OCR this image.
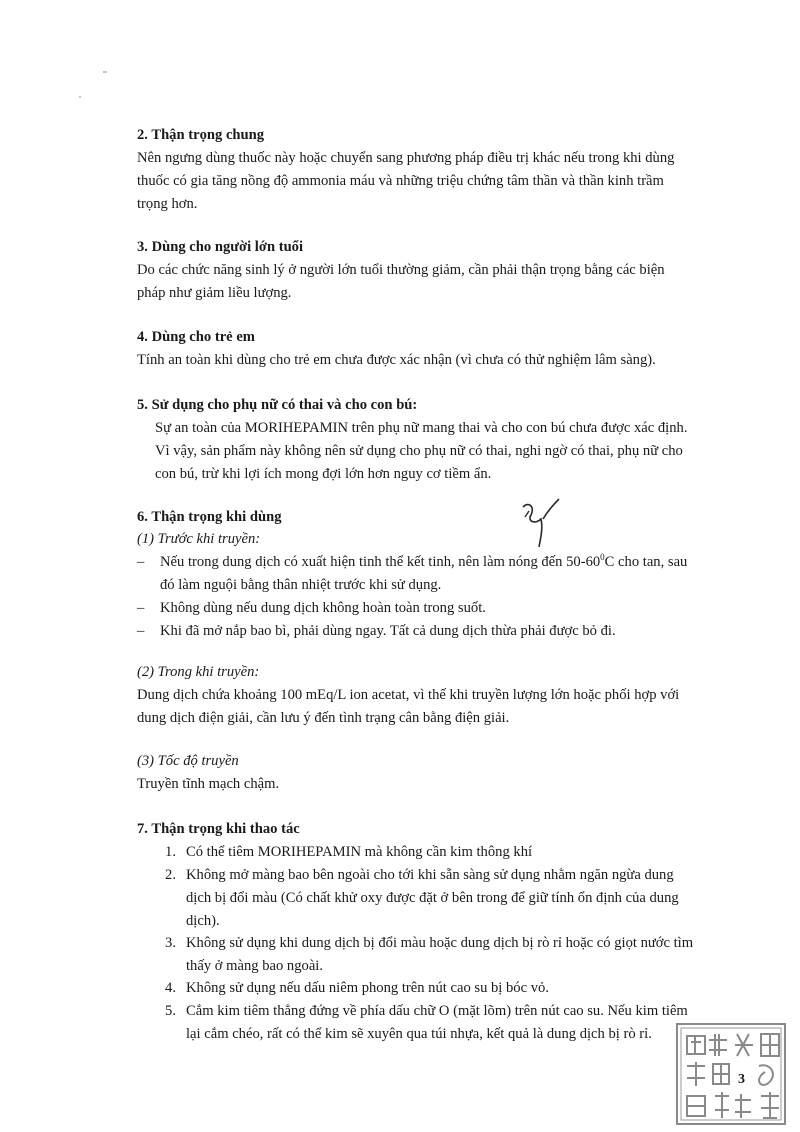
2. Thận trọng chung

Nên ngưng dùng thuốc này hoặc chuyển sang phương pháp điều trị khác nếu trong khi dùng

thuốc có gia tăng nồng độ ammonia máu và những triệu chứng tâm thần và thần kinh trầm

trọng hơn.

3. Dùng cho người lớn tuổi

Do các chức năng sinh lý ở người lớn tuổi thường giảm, cần phải thận trọng bằng các biện

pháp như giảm liều lượng.

4. Dùng cho trẻ em

Tính an toàn khi dùng cho trẻ em chưa được xác nhận (vì chưa có thử nghiệm lâm sàng).

5. Sử dụng cho phụ nữ có thai và cho con bú:

Sự an toàn của MORIHEPAMIN trên phụ nữ mang thai và cho con bú chưa được xác định.

Vì vậy, sản phẩm này không nên sử dụng cho phụ nữ có thai, nghi ngờ có thai, phụ nữ cho

con bú, trừ khi lợi ích mong đợi lớn hơn nguy cơ tiềm ẩn.

6. Thận trọng khi dùng

(1) Trước khi truyền:

– Nếu trong dung dịch có xuất hiện tinh thể kết tinh, nên làm nóng đến $50-60^0C$ cho tan, sau
đó làm nguội bằng thân nhiệt trước khi sử dụng.
– Không dùng nếu dung dịch không hoàn toàn trong suốt.
– Khi đã mở nắp bao bì, phải dùng ngay. Tất cả dung dịch thừa phải được bỏ đi.

(2) Trong khi truyền:

Dung dịch chứa khoảng 100 mEq/L ion acetat, vì thế khi truyền lượng lớn hoặc phối hợp với

dung dịch điện giải, cần lưu ý đến tình trạng cân bằng điện giải.

(3) Tốc độ truyền

Truyền tĩnh mạch chậm.

7. Thận trọng khi thao tác

1. Có thể tiêm MORIHEPAMIN mà không cần kim thông khí
2. Không mở màng bao bên ngoài cho tới khi sẵn sàng sử dụng nhằm ngăn ngừa dung
dịch bị đổi màu (Có chất khử oxy được đặt ở bên trong để giữ tính ổn định của dung
dịch).
3. Không sử dụng khi dung dịch bị đổi màu hoặc dung dịch bị rò rỉ hoặc có giọt nước tìm
thấy ở màng bao ngoài.
4. Không sử dụng nếu dấu niêm phong trên nút cao su bị bóc vỏ.
5. Cắm kim tiêm thẳng đứng về phía dấu chữ O (mặt lõm) trên nút cao su. Nếu kim tiêm
lại cắm chéo, rất có thể kim sẽ xuyên qua túi nhựa, kết quả là dung dịch bị rò rỉ.
3
